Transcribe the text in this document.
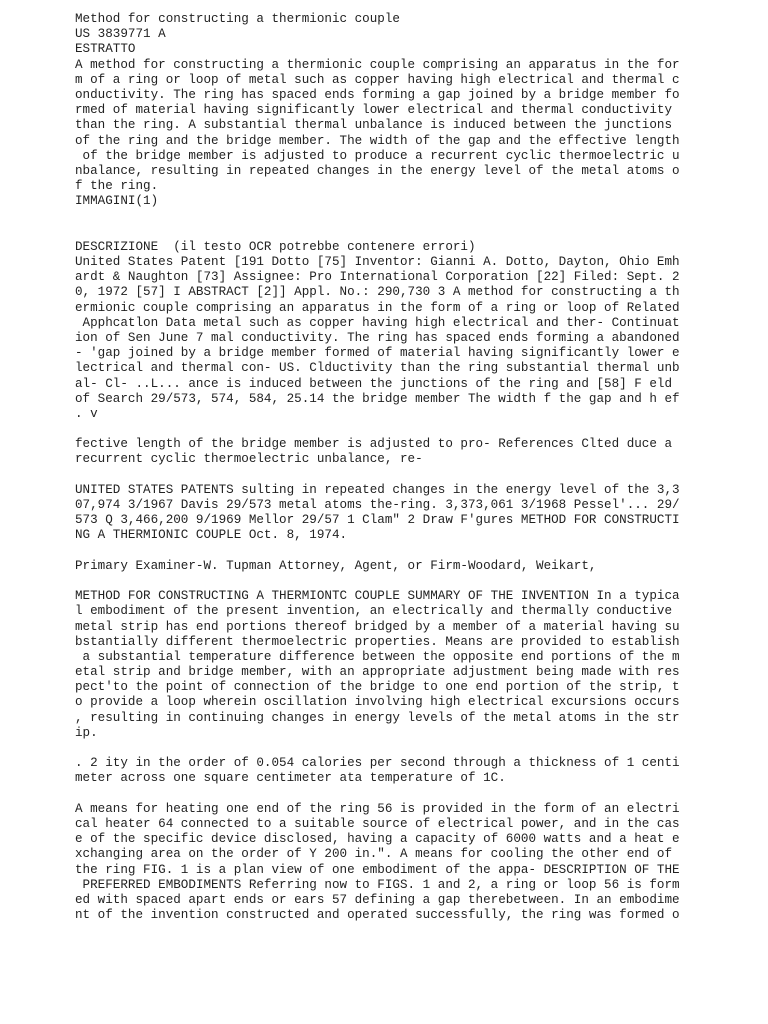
Method for constructing a thermionic couple
US 3839771 A
ESTRATTO
A method for constructing a thermionic couple comprising an apparatus in the for
m of a ring or loop of metal such as copper having high electrical and thermal c
onductivity. The ring has spaced ends forming a gap joined by a bridge member fo
rmed of material having significantly lower electrical and thermal conductivity
than the ring. A substantial thermal unbalance is induced between the junctions
of the ring and the bridge member. The width of the gap and the effective length
of the bridge member is adjusted to produce a recurrent cyclic thermoelectric u
nbalance, resulting in repeated changes in the energy level of the metal atoms o
f the ring.
IMMAGINI(1)
DESCRIZIONE  (il testo OCR potrebbe contenere errori)
United States Patent [191 Dotto [75] Inventor: Gianni A. Dotto, Dayton, Ohio Emh
ardt & Naughton [73] Assignee: Pro International Corporation [22] Filed: Sept. 2
0, 1972 [57] I ABSTRACT [2]] Appl. No.: 290,730 3 A method for constructing a th
ermionic couple comprising an apparatus in the form of a ring or loop of Related
Apphcatlon Data metal such as copper having high electrical and ther- Continuat
ion of Sen June 7 mal conductivity. The ring has spaced ends forming a abandoned
- 'gap joined by a bridge member formed of material having significantly lower e
lectrical and thermal con- US. Clductivity than the ring substantial thermal unb
al- Cl- ..L... ance is induced between the junctions of the ring and [58] F eld
of Search 29/573, 574, 584, 25.14 the bridge member The width f the gap and h ef
. v
fective length of the bridge member is adjusted to pro- References Clted duce a
recurrent cyclic thermoelectric unbalance, re-
UNITED STATES PATENTS sulting in repeated changes in the energy level of the 3,3
07,974 3/1967 Davis 29/573 metal atoms the-ring. 3,373,061 3/1968 Pessel'... 29/
573 Q 3,466,200 9/1969 Mellor 29/57 1 Clam" 2 Draw F'gures METHOD FOR CONSTRUCTI
NG A THERMIONIC COUPLE Oct. 8, 1974.
Primary Examiner-W. Tupman Attorney, Agent, or Firm-Woodard, Weikart,
METHOD FOR CONSTRUCTING A THERMIONTC COUPLE SUMMARY OF THE INVENTION In a typica
l embodiment of the present invention, an electrically and thermally conductive
metal strip has end portions thereof bridged by a member of a material having su
bstantially different thermoelectric properties. Means are provided to establish
a substantial temperature difference between the opposite end portions of the m
etal strip and bridge member, with an appropriate adjustment being made with res
pect'to the point of connection of the bridge to one end portion of the strip, t
o provide a loop wherein oscillation involving high electrical excursions occurs
, resulting in continuing changes in energy levels of the metal atoms in the str
ip.
. 2 ity in the order of 0.054 calories per second through a thickness of 1 centi
meter across one square centimeter ata temperature of 1C.
A means for heating one end of the ring 56 is provided in the form of an electri
cal heater 64 connected to a suitable source of electrical power, and in the cas
e of the specific device disclosed, having a capacity of 6000 watts and a heat e
xchanging area on the order of Y 200 in.". A means for cooling the other end of
the ring FIG. 1 is a plan view of one embodiment of the appa- DESCRIPTION OF THE
PREFERRED EMBODIMENTS Referring now to FIGS. 1 and 2, a ring or loop 56 is form
ed with spaced apart ends or ears 57 defining a gap therebetween. In an embodime
nt of the invention constructed and operated successfully, the ring was formed o
